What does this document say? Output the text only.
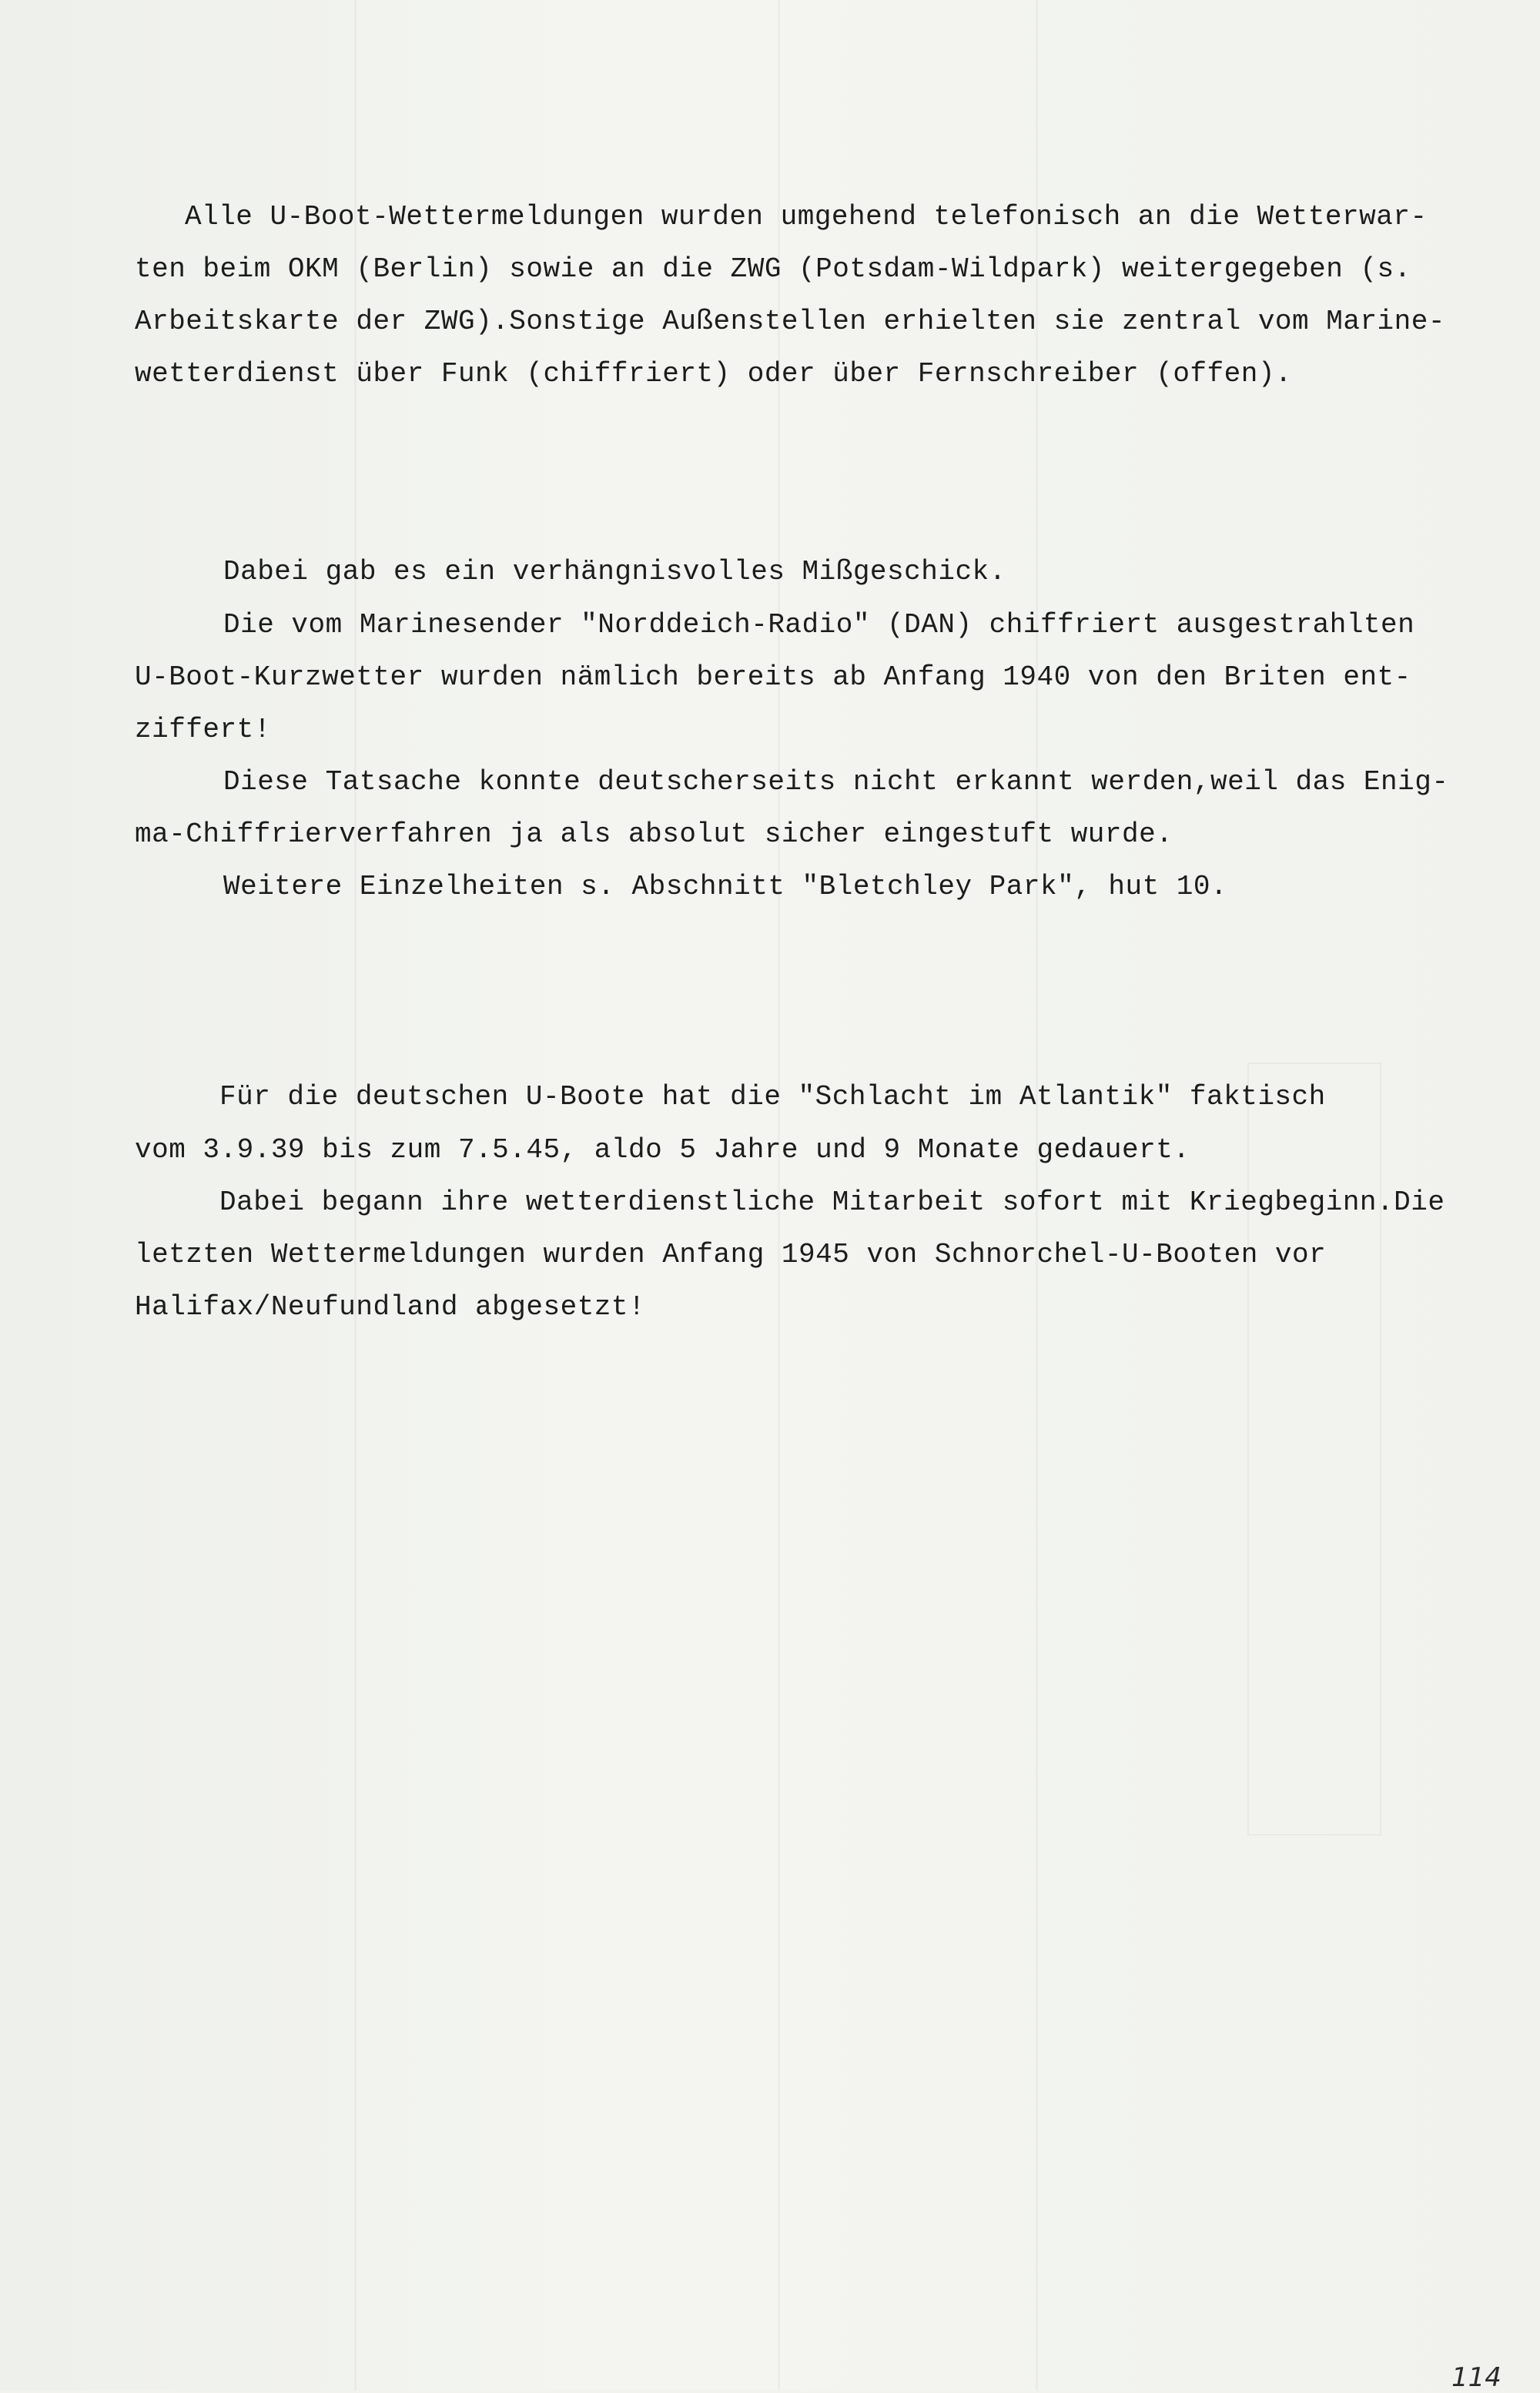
Alle U-Boot-Wettermeldungen wurden umgehend telefonisch an die Wetterwar-
ten beim OKM (Berlin) sowie an die ZWG (Potsdam-Wildpark) weitergegeben (s.
Arbeitskarte der ZWG).Sonstige Außenstellen erhielten sie zentral vom Marine-
wetterdienst über Funk (chiffriert) oder über Fernschreiber (offen).
Dabei gab es ein verhängnisvolles Mißgeschick.
Die vom Marinesender "Norddeich-Radio" (DAN) chiffriert ausgestrahlten
U-Boot-Kurzwetter wurden nämlich bereits ab Anfang 1940 von den Briten ent-
ziffert!
Diese Tatsache konnte deutscherseits nicht erkannt werden,weil das Enig-
ma-Chiffrierverfahren ja als absolut sicher eingestuft wurde.
Weitere Einzelheiten s. Abschnitt "Bletchley Park", hut 10.
Für die deutschen U-Boote hat die "Schlacht im Atlantik" faktisch
vom 3.9.39 bis zum 7.5.45, aldo 5 Jahre und 9 Monate gedauert.
Dabei begann ihre wetterdienstliche Mitarbeit sofort mit Kriegbeginn.Die
letzten Wettermeldungen wurden Anfang 1945 von Schnorchel-U-Booten vor
Halifax/Neufundland abgesetzt!
114
